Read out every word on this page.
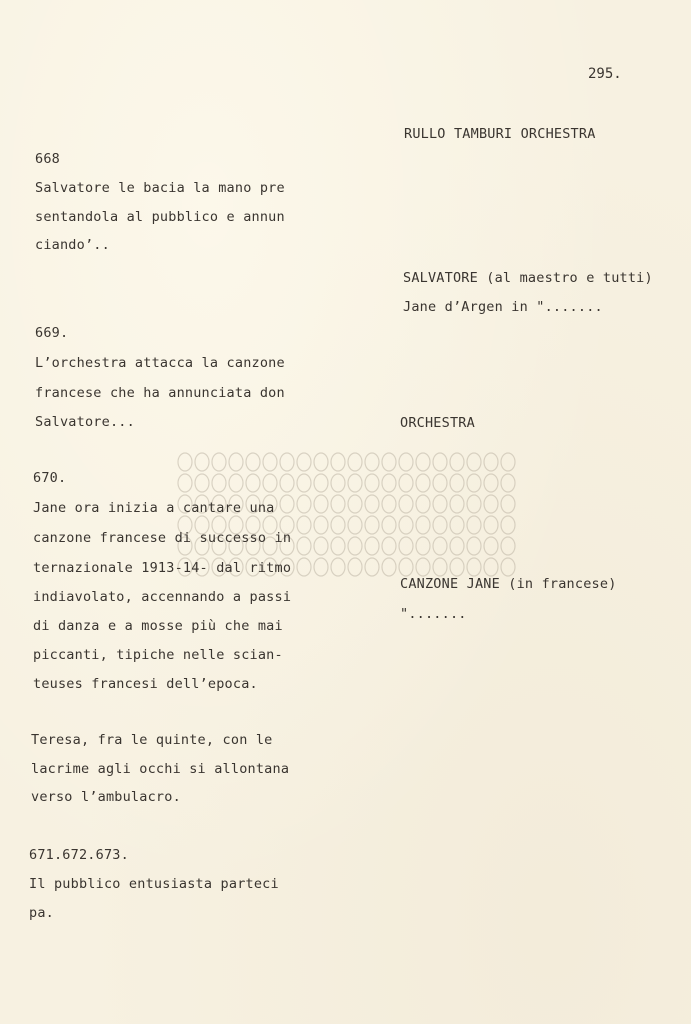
295.
RULLO TAMBURI ORCHESTRA
SALVATORE (al maestro e tutti)
Jane d’Argen in ".......
ORCHESTRA
CANZONE JANE (in francese)
".......
668
Salvatore le bacia la mano pre
sentandola al pubblico e annun
ciando’..
669.
L’orchestra attacca la canzone
francese che ha annunciata don
Salvatore...
670.
Jane ora inizia a cantare una
canzone francese di successo in
ternazionale 1913-14- dal ritmo
indiavolato, accennando a passi
di danza e a mosse più che mai
piccanti, tipiche nelle scian-
teuses francesi dell’epoca.
Teresa, fra le quinte, con le
lacrime agli occhi si allontana
verso l’ambulacro.
671.672.673.
Il pubblico entusiasta parteci
pa.
